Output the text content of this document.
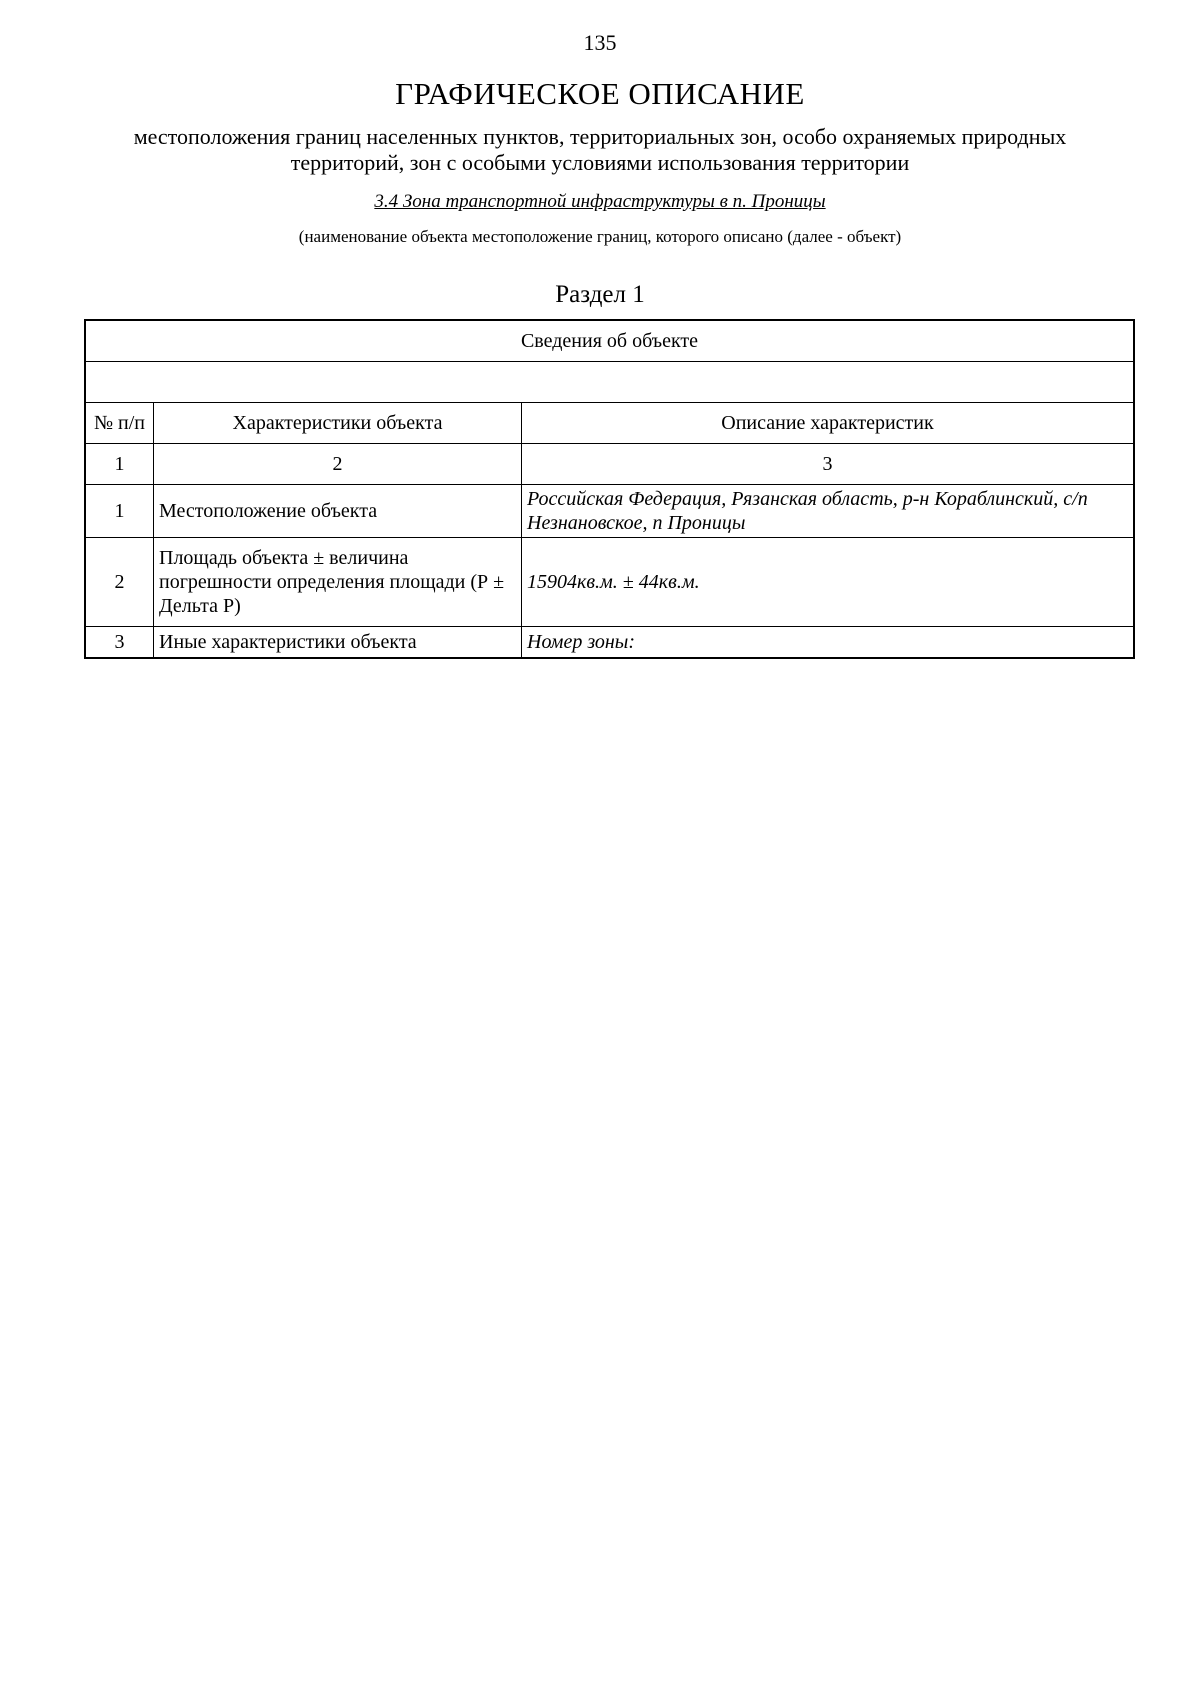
135
ГРАФИЧЕСКОЕ ОПИСАНИЕ
местоположения границ населенных пунктов, территориальных зон, особо охраняемых природных территорий, зон с особыми условиями использования территории
3.4 Зона транспортной инфраструктуры в п. Проницы
(наименование объекта местоположение границ, которого описано (далее - объект)
Раздел 1
Сведения об объекте		

№ п/п	Характеристики объекта	Описание характеристик
1	2	3
1	Местоположение объекта	Российская Федерация, Рязанская область, р-н Кораблинский, с/п Незнановское, п Проницы
2	Площадь объекта ± величина погрешности определения площади (Р ± Дельта Р)	15904кв.м. ± 44кв.м.
3	Иные характеристики объекта	Номер зоны:
